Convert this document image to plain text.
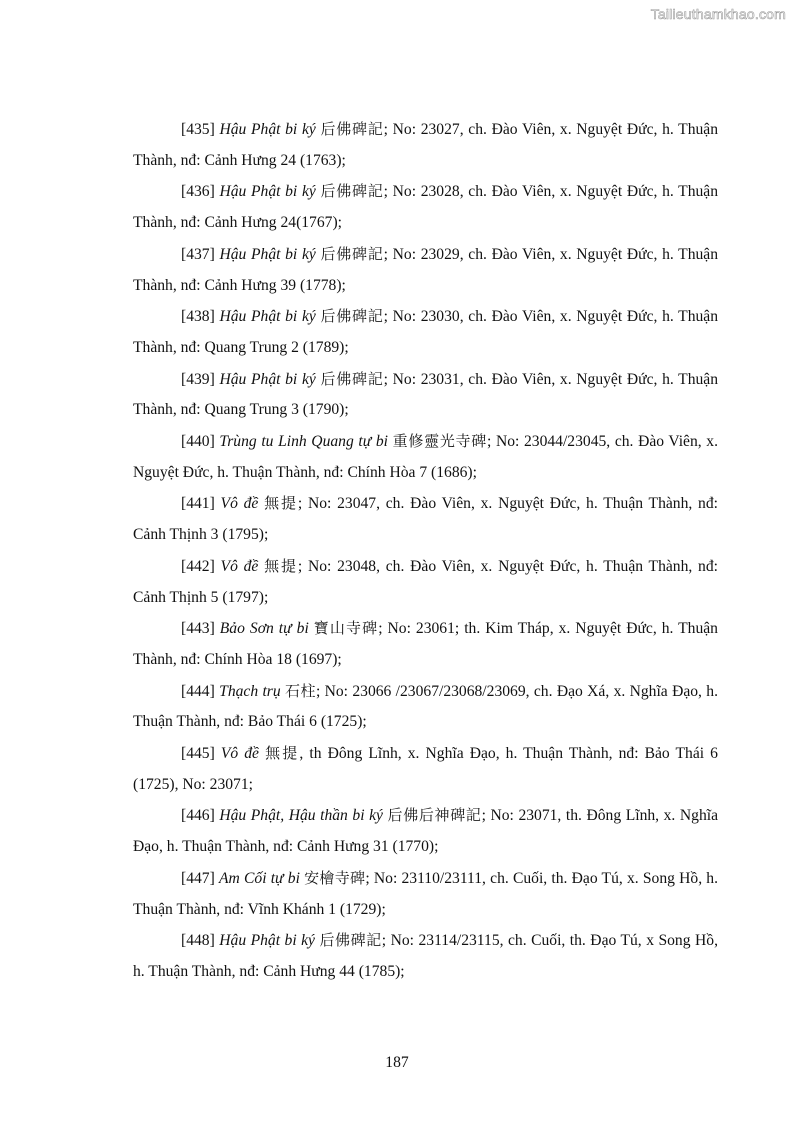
Tailieuthamkhao.com
[435] Hậu Phật bi ký 后佛碑記; No: 23027, ch. Đào Viên, x. Nguyệt Đức, h. Thuận Thành, nđ: Cảnh Hưng 24 (1763);
[436] Hậu Phật bi ký 后佛碑記; No: 23028, ch. Đào Viên, x. Nguyệt Đức, h. Thuận Thành, nđ: Cảnh Hưng 24(1767);
[437] Hậu Phật bi ký 后佛碑記; No: 23029, ch. Đào Viên, x. Nguyệt Đức, h. Thuận Thành, nđ: Cảnh Hưng 39 (1778);
[438] Hậu Phật bi ký 后佛碑記; No: 23030, ch. Đào Viên, x. Nguyệt Đức, h. Thuận Thành, nđ: Quang Trung 2 (1789);
[439] Hậu Phật bi ký 后佛碑記; No: 23031, ch. Đào Viên, x. Nguyệt Đức, h. Thuận Thành, nđ: Quang Trung 3 (1790);
[440] Trùng tu Linh Quang tự bi 重修靈光寺碑; No: 23044/23045, ch. Đào Viên, x. Nguyệt Đức, h. Thuận Thành, nđ: Chính Hòa 7 (1686);
[441] Vô đề 無提; No: 23047, ch. Đào Viên, x. Nguyệt Đức, h. Thuận Thành, nđ: Cảnh Thịnh 3 (1795);
[442] Vô đề 無提; No: 23048, ch. Đào Viên, x. Nguyệt Đức, h. Thuận Thành, nđ: Cảnh Thịnh 5 (1797);
[443] Bảo Sơn tự bi 寶山寺碑; No: 23061; th. Kim Tháp, x. Nguyệt Đức, h. Thuận Thành, nđ: Chính Hòa 18 (1697);
[444] Thạch trụ 石柱; No: 23066 /23067/23068/23069, ch. Đạo Xá, x. Nghĩa Đạo, h. Thuận Thành, nđ: Bảo Thái 6 (1725);
[445] Vô đề 無提, th Đông Lĩnh, x. Nghĩa Đạo, h. Thuận Thành, nđ: Bảo Thái 6 (1725), No: 23071;
[446] Hậu Phật, Hậu thần bi ký 后佛后神碑記; No: 23071, th. Đông Lĩnh, x. Nghĩa Đạo, h. Thuận Thành, nđ: Cảnh Hưng 31 (1770);
[447] Am Cối tự bi 安檜寺碑; No: 23110/23111, ch. Cuối, th. Đạo Tú, x. Song Hồ, h. Thuận Thành, nđ: Vĩnh Khánh 1 (1729);
[448] Hậu Phật bi ký 后佛碑記; No: 23114/23115, ch. Cuối, th. Đạo Tú, x Song Hồ, h. Thuận Thành, nđ: Cảnh Hưng 44 (1785);

187
